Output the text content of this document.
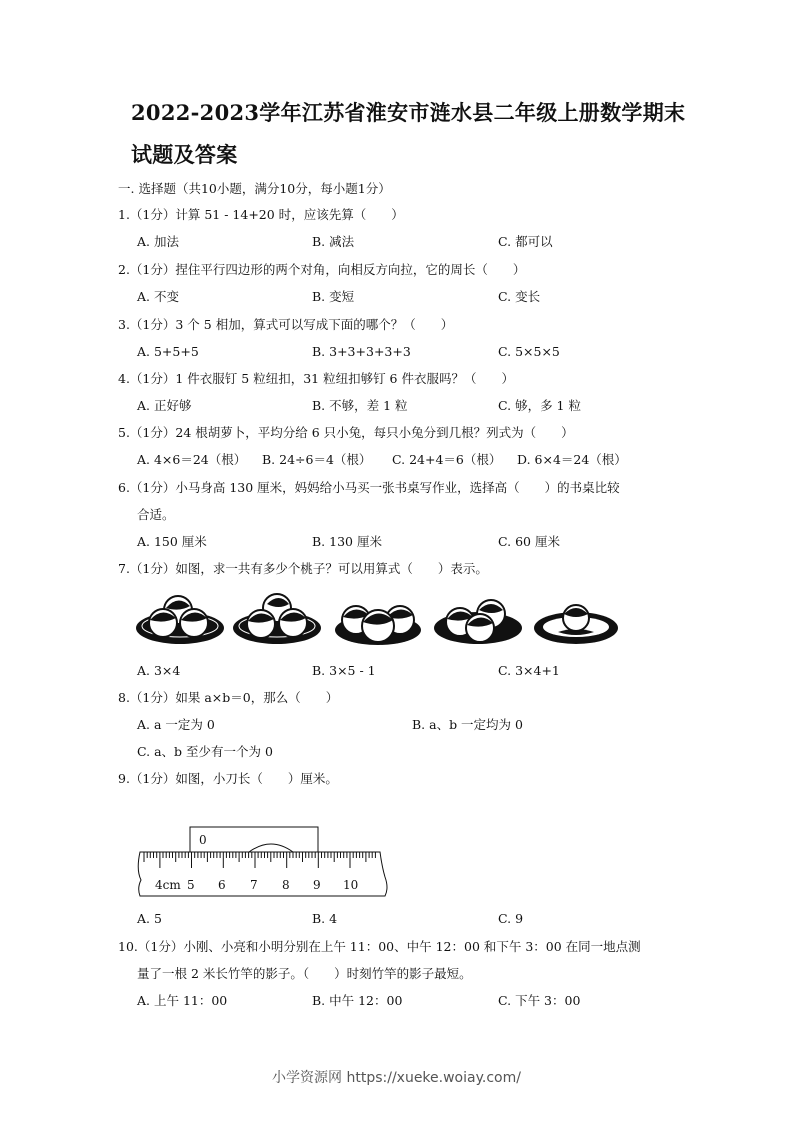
2022-2023学年江苏省淮安市涟水县二年级上册数学期末试题及答案
一. 选择题（共10小题，满分10分，每小题1分）
1.（1分）计算 51 - 14+20 时，应该先算（　　）
A. 加法	B. 减法	C. 都可以
2.（1分）捏住平行四边形的两个对角，向相反方向拉，它的周长（　　）
A. 不变	B. 变短	C. 变长
3.（1分）3 个 5 相加，算式可以写成下面的哪个？（　　）
A. 5+5+5	B. 3+3+3+3+3	C. 5×5×5
4.（1分）1 件衣服钉 5 粒纽扣，31 粒纽扣够钉 6 件衣服吗？（　　）
A. 正好够	B. 不够，差 1 粒	C. 够，多 1 粒
5.（1分）24 根胡萝卜，平均分给 6 只小兔，每只小兔分到几根？列式为（　　）
A. 4×6＝24（根） B. 24÷6＝4（根） C. 24+4＝6（根） D. 6×4＝24（根）
6.（1分）小马身高 130 厘米，妈妈给小马买一张书桌写作业，选择高（　　）的书桌比较
合适。
A. 150 厘米	B. 130 厘米	C. 60 厘米
7.（1分）如图，求一共有多少个桃子？可以用算式（　　）表示。
A. 3×4	B. 3×5 - 1	C. 3×4+1
8.（1分）如果 a×b＝0，那么（　　）
A. a 一定为 0	B. a、b 一定均为 0
C. a、b 至少有一个为 0
9.（1分）如图，小刀长（　　）厘米。
0
4cm 5 6 7 8 9 10
A. 5	B. 4	C. 9
10.（1分）小刚、小亮和小明分别在上午 11：00、中午 12：00 和下午 3：00 在同一地点测
量了一根 2 米长竹竿的影子。（　　）时刻竹竿的影子最短。
A. 上午 11：00	B. 中午 12：00	C. 下午 3：00
小学资源网 https://xueke.woiay.com/
